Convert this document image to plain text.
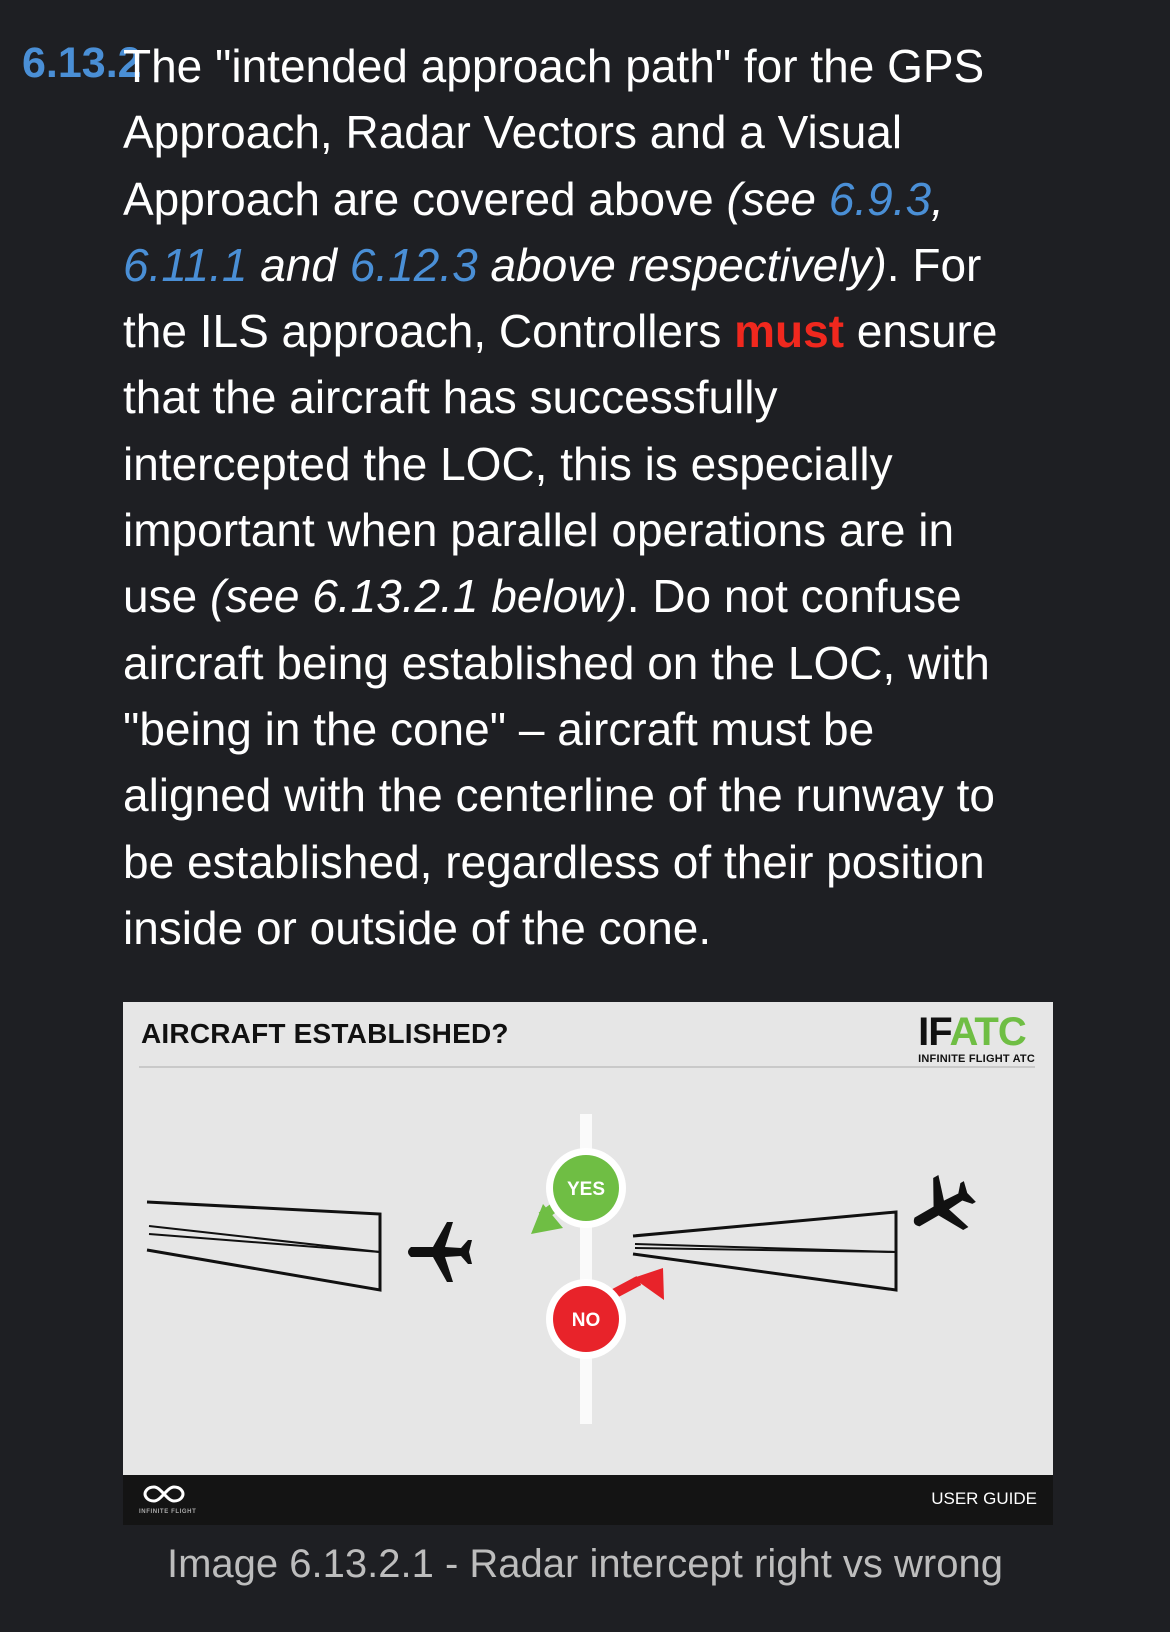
6.13.2
The "intended approach path" for the GPS
Approach, Radar Vectors and a Visual
Approach are covered above (see 6.9.3,
6.11.1 and 6.12.3 above respectively). For
the ILS approach, Controllers must ensure
that the aircraft has successfully
intercepted the LOC, this is especially
important when parallel operations are in
use (see 6.13.2.1 below). Do not confuse
aircraft being established on the LOC, with
"being in the cone" – aircraft must be
aligned with the centerline of the runway to
be established, regardless of their position
inside or outside of the cone.
YES
NO
AIRCRAFT ESTABLISHED?	IFATC
INFINITE FLIGHT ATC
INFINITE FLIGHT
USER GUIDE
Image 6.13.2.1 - Radar intercept right vs wrong
